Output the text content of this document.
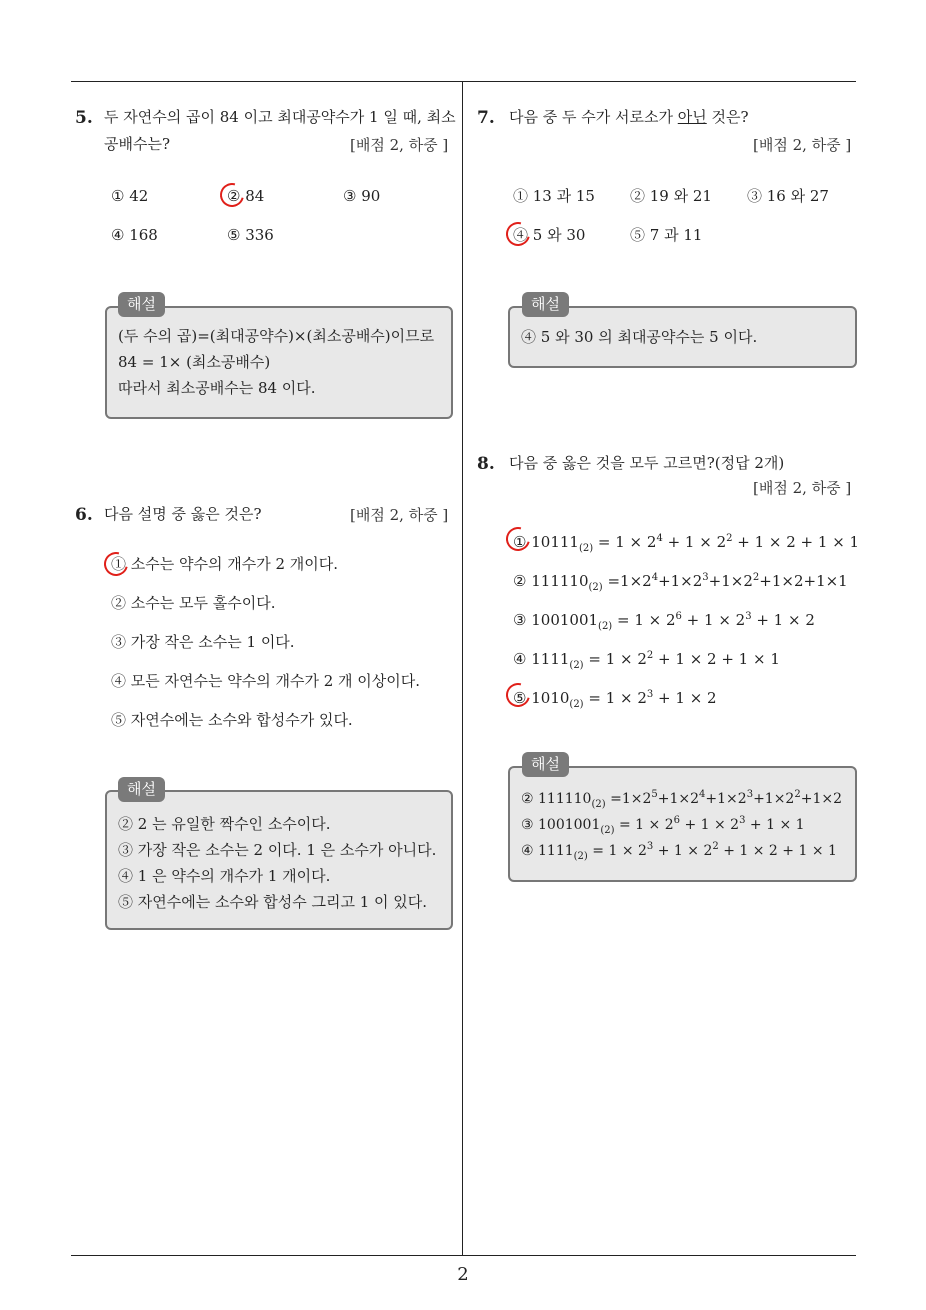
2
5. 두 자연수의 곱이 84 이고 최대공약수가 1 일 때, 최소
공배수는?	[배점 2, 하중 ]
① 42	② 84	③ 90
④ 168	⑤ 336
(두 수의 곱)=(최대공약수)×(최소공배수)이므로
84 = 1× (최소공배수)
따라서 최소공배수는 84 이다.
해설
6. 다음 설명 중 옳은 것은?	[배점 2, 하중 ]
① 소수는 약수의 개수가 2 개이다.
② 소수는 모두 홀수이다.
③ 가장 작은 소수는 1 이다.
④ 모든 자연수는 약수의 개수가 2 개 이상이다.
⑤ 자연수에는 소수와 합성수가 있다.
② 2 는 유일한 짝수인 소수이다.
③ 가장 작은 소수는 2 이다. 1 은 소수가 아니다.
④ 1 은 약수의 개수가 1 개이다.
⑤ 자연수에는 소수와 합성수 그리고 1 이 있다.
해설
7. 다음 중 두 수가 서로소가 아닌 것은?
[배점 2, 하중 ]
① 13 과 15 ② 19 와 21 ③ 16 와 27
④ 5 와 30	⑤ 7 과 11
④ 5 와 30 의 최대공약수는 5 이다.
해설
8. 다음 중 옳은 것을 모두 고르면?(정답 2개)
[배점 2, 하중 ]
① $10111_{(2)} = 1 \times 2^4 + 1 \times 2^2 + 1 \times 2 + 1 \times 1$
② $111110_{(2)} =1\times 2^4+1\times 2^3+1\times 2^2+1\times 2+1\times 1$
③ $1001001_{(2)} = 1 \times 2^6 + 1 \times 2^3 + 1 \times 2$
④ $1111_{(2)} = 1 \times 2^2 + 1 \times 2 + 1 \times 1$
⑤ $1010_{(2)} = 1 \times 2^3 + 1 \times 2$
② $111110_{(2)} =1\times 2^5+1\times 2^4+1\times 2^3+1\times 2^2+1\times 2$
③ $1001001_{(2)} = 1 \times 2^6 + 1 \times 2^3 + 1 \times 1$
④ $1111_{(2)} = 1 \times 2^3 + 1 \times 2^2 + 1 \times 2 + 1 \times 1$
해설
